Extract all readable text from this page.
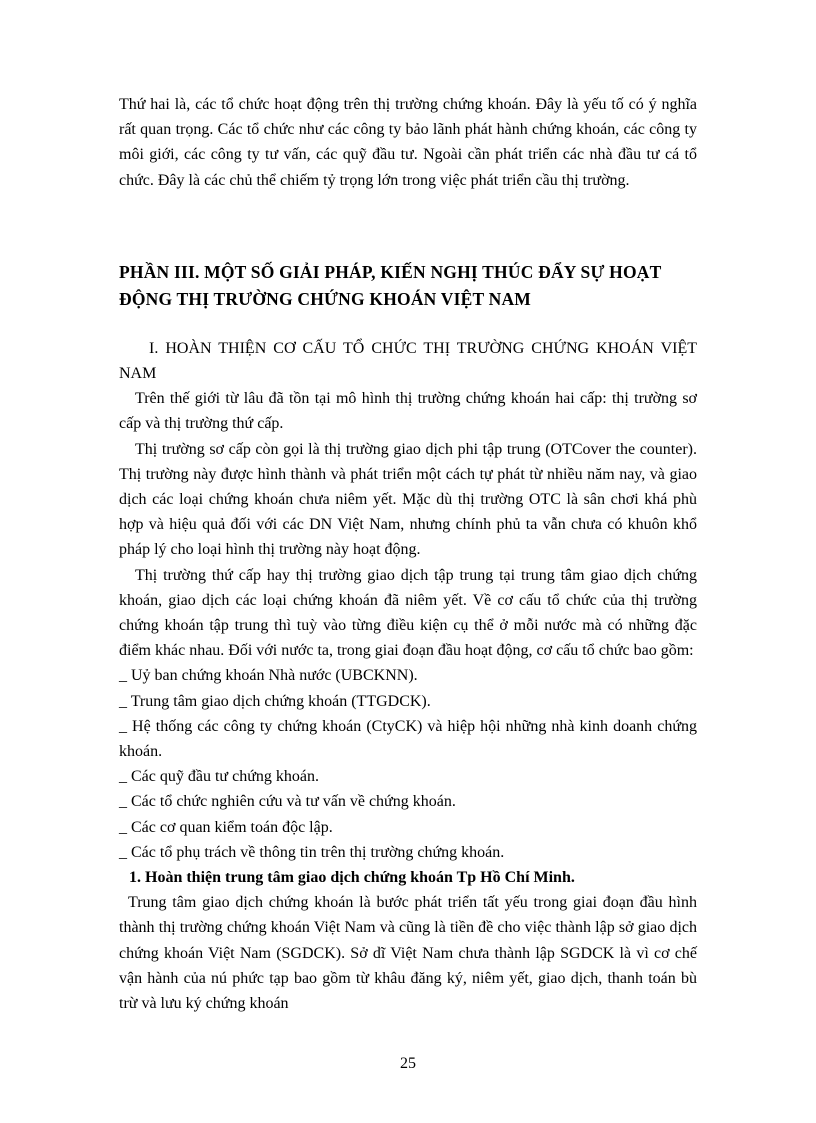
Thứ hai là, các tổ chức hoạt động trên thị trường chứng khoán. Đây là yếu tố có ý nghĩa rất quan trọng. Các tổ chức như các công ty bảo lãnh phát hành chứng khoán, các công ty môi giới, các công ty tư vấn, các quỹ đầu tư. Ngoài cần phát triển các nhà đầu tư cá tổ chức. Đây là các chủ thể chiếm tỷ trọng lớn trong việc phát triển cầu thị trường.

PHẦN III. MỘT SỐ GIẢI PHÁP, KIẾN NGHỊ THÚC ĐẨY SỰ HOẠT ĐỘNG THỊ TRƯỜNG CHỨNG KHOÁN VIỆT NAM

I. HOÀN THIỆN CƠ CẤU TỔ CHỨC THỊ TRƯỜNG CHỨNG KHOÁN VIỆT NAM

Trên thế giới từ lâu đã tồn tại mô hình thị trường chứng khoán hai cấp: thị trường sơ cấp và thị trường thứ cấp.

Thị trường sơ cấp còn gọi là thị trường giao dịch phi tập trung (OTCover the counter). Thị trường này được hình thành và phát triển một cách tự phát từ nhiều năm nay, và giao dịch các loại chứng khoán chưa niêm yết. Mặc dù thị trường OTC là sân chơi khá phù hợp và hiệu quả đối với các DN Việt Nam, nhưng chính phủ ta vẫn chưa có khuôn khổ pháp lý cho loại hình thị trường này hoạt động.

Thị trường thứ cấp hay thị trường giao dịch tập trung tại trung tâm giao dịch chứng khoán, giao dịch các loại chứng khoán đã niêm yết. Về cơ cấu tổ chức của thị trường chứng khoán tập trung thì tuỳ vào từng điều kiện cụ thể ở mỗi nước mà có những đặc điểm khác nhau. Đối với nước ta, trong giai đoạn đầu hoạt động, cơ cấu tổ chức bao gồm:

_ Uỷ ban chứng khoán Nhà nước (UBCKNN).

_ Trung tâm giao dịch chứng khoán (TTGDCK).

_ Hệ thống các công ty chứng khoán (CtyCK) và hiệp hội những nhà kinh doanh chứng khoán.

_ Các quỹ đầu tư chứng khoán.

_ Các tổ chức nghiên cứu và tư vấn về chứng khoán.

_ Các cơ quan kiểm toán độc lập.

_ Các tổ phụ trách về thông tin trên thị trường chứng khoán.

1. Hoàn thiện trung tâm giao dịch chứng khoán Tp Hồ Chí Minh.

Trung tâm giao dịch chứng khoán là bước phát triển tất yếu trong giai đoạn đầu hình thành thị trường chứng khoán Việt Nam và cũng là tiền đề cho việc thành lập sở giao dịch chứng khoán Việt Nam (SGDCK). Sở dĩ Việt Nam chưa thành lập SGDCK là vì cơ chế vận hành của nú phức tạp bao gồm từ khâu đăng ký, niêm yết, giao dịch, thanh toán bù trừ và lưu ký chứng khoán

25
